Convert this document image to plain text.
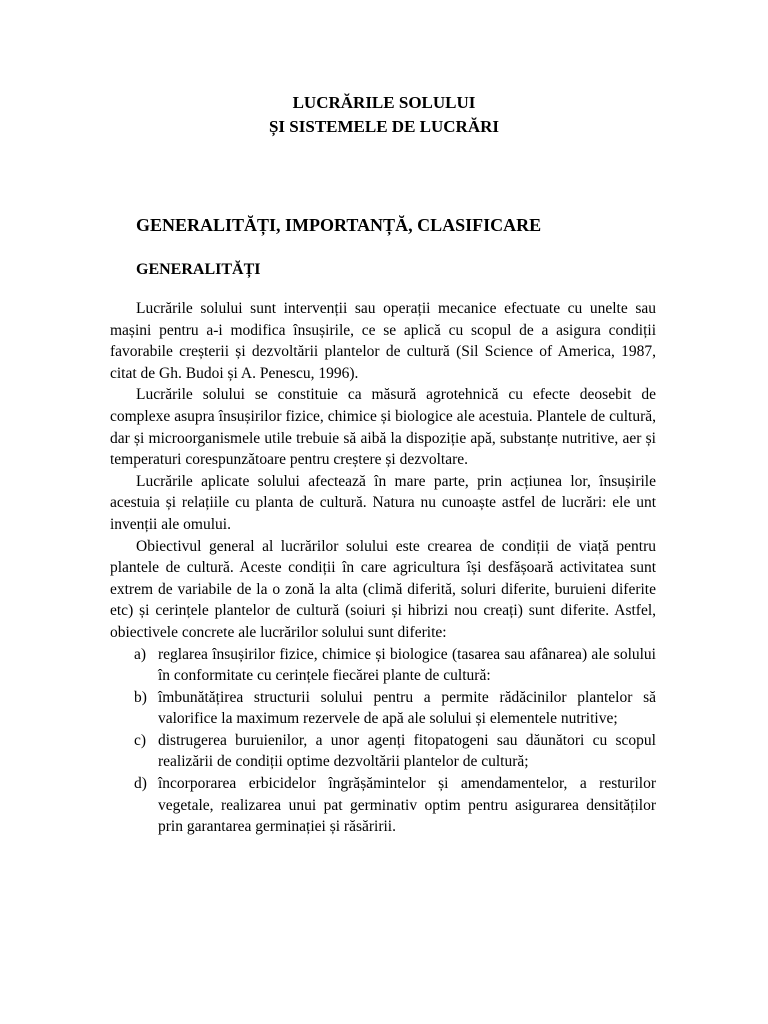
LUCRĂRILE SOLULUI
ȘI SISTEMELE DE LUCRĂRI
GENERALITĂȚI, IMPORTANȚĂ, CLASIFICARE
GENERALITĂȚI

Lucrările solului sunt intervenții sau operații mecanice efectuate cu unelte sau mașini pentru a-i modifica însușirile, ce se aplică cu scopul de a asigura condiții favorabile creșterii și dezvoltării plantelor de cultură (Sil Science of America, 1987, citat de Gh. Budoi și A. Penescu, 1996).

Lucrările solului se constituie ca măsură agrotehnică cu efecte deosebit de complexe asupra însușirilor fizice, chimice și biologice ale acestuia. Plantele de cultură, dar și microorganismele utile trebuie să aibă la dispoziție apă, substanțe nutritive, aer și temperaturi corespunzătoare pentru creștere și dezvoltare.

Lucrările aplicate solului afectează în mare parte, prin acțiunea lor, însușirile acestuia și relațiile cu planta de cultură. Natura nu cunoaște astfel de lucrări: ele unt invenții ale omului.

Obiectivul general al lucrărilor solului este crearea de condiții de viață pentru plantele de cultură. Aceste condiții în care agricultura își desfășoară activitatea sunt extrem de variabile de la o zonă la alta (climă diferită, soluri diferite, buruieni diferite etc) și cerințele plantelor de cultură (soiuri și hibrizi nou creați) sunt diferite. Astfel, obiectivele concrete ale lucrărilor solului sunt diferite:

a) reglarea însușirilor fizice, chimice și biologice (tasarea sau afânarea) ale solului în conformitate cu cerințele fiecărei plante de cultură:
b) îmbunătățirea structurii solului pentru a permite rădăcinilor plantelor să valorifice la maximum rezervele de apă ale solului și elementele nutritive;
c) distrugerea buruienilor, a unor agenți fitopatogeni sau dăunători cu scopul realizării de condiții optime dezvoltării plantelor de cultură;
d) încorporarea erbicidelor îngrășămintelor și amendamentelor, a resturilor vegetale, realizarea unui pat germinativ optim pentru asigurarea densităților prin garantarea germinației și răsăririi.
